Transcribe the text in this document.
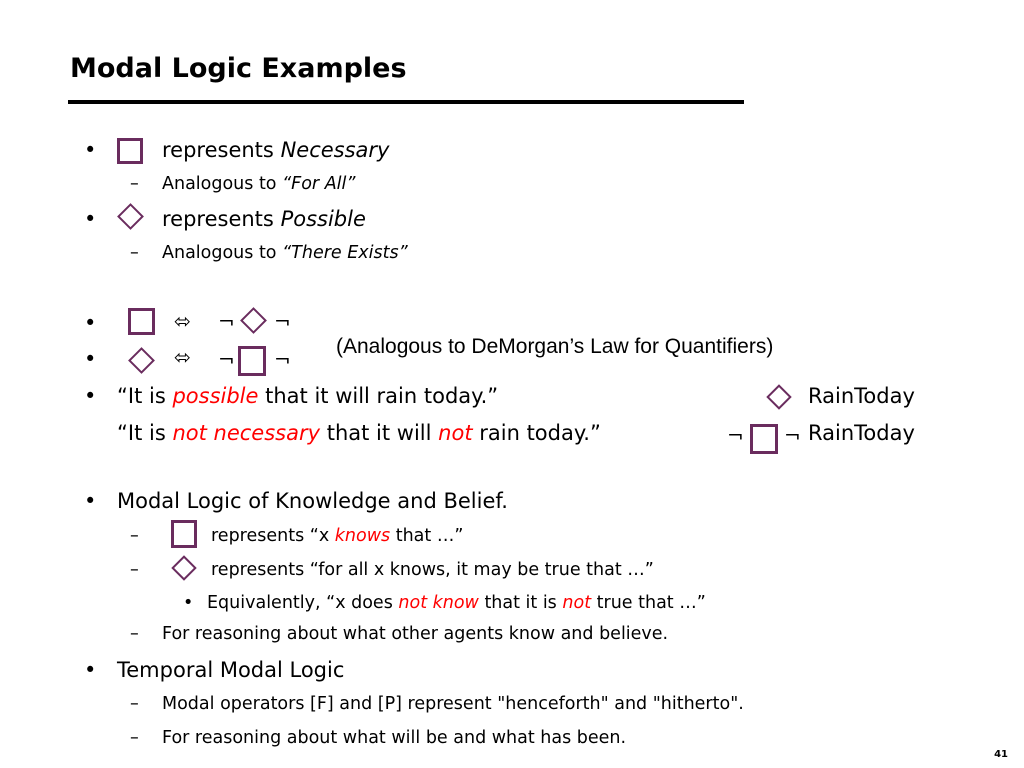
Modal Logic Examples
•	represents Necessary
– Analogous to “For All”
•	represents Possible
– Analogous to “There Exists”
•	⬄ ¬ ¬
•	⬄ ¬ ¬
(Analogous to DeMorgan’s Law for Quantifiers)
• “It is possible that it will rain today.”	RainToday
“It is not necessary that it will not rain today.”	¬ ¬ RainToday
• Modal Logic of Knowledge and Belief.
–	represents “x knows that …”
–	represents “for all x knows, it may be true that …”
• Equivalently, “x does not know that it is not true that …”
– For reasoning about what other agents know and believe.
• Temporal Modal Logic
– Modal operators [F] and [P] represent "henceforth" and "hitherto".
– For reasoning about what will be and what has been.
41
